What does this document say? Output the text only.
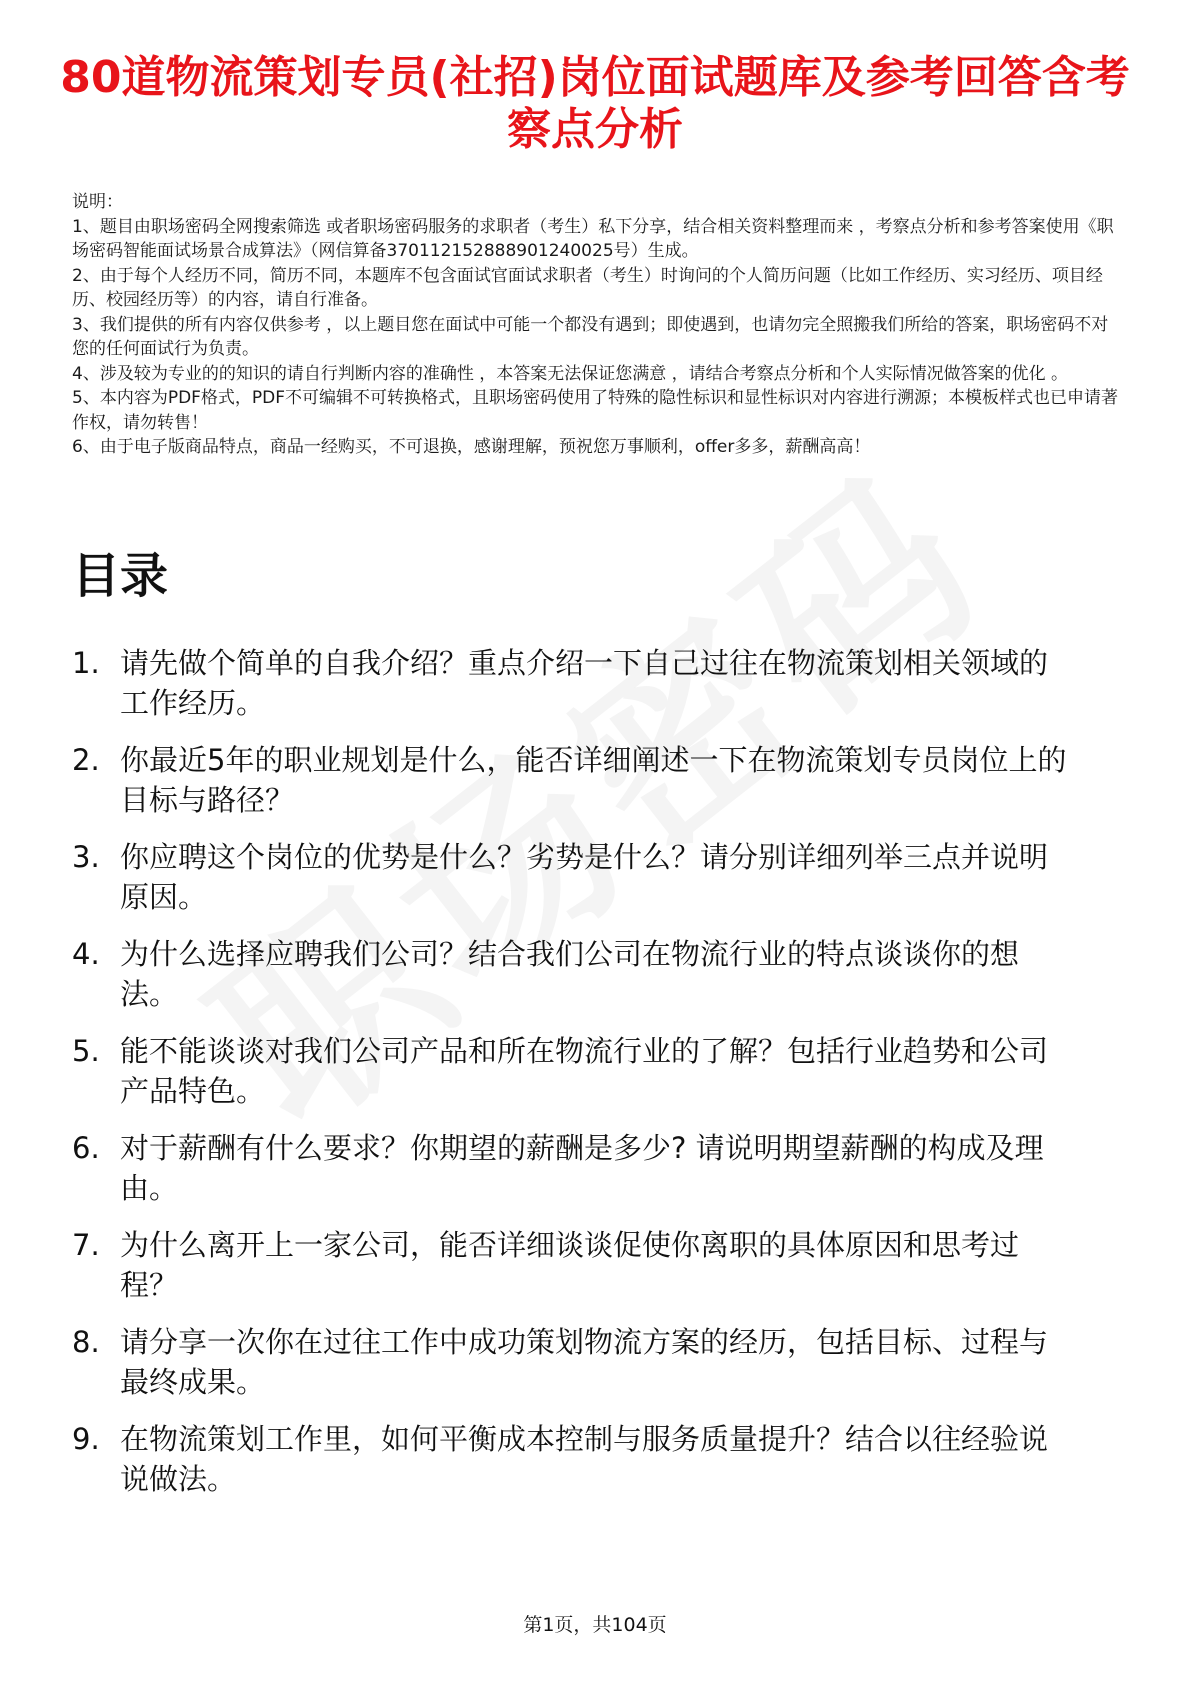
80道物流策划专员(社招)岗位面试题库及参考回答含考察点分析

说明：

1、题目由职场密码全网搜索筛选 或者职场密码服务的求职者（考生）私下分享，结合相关资料整理而来 ，考察点分析和参考答案使用《职场密码智能面试场景合成算法》（网信算备370112152888901240025号）生成。

2、由于每个人经历不同，简历不同，本题库不包含面试官面试求职者（考生）时询问的个人简历问题（比如工作经历、实习经历、项目经历、校园经历等）的内容，请自行准备。

3、我们提供的所有内容仅供参考 ，以上题目您在面试中可能一个都没有遇到；即使遇到，也请勿完全照搬我们所给的答案，职场密码不对您的任何面试行为负责。

4、涉及较为专业的的知识的请自行判断内容的准确性 ，本答案无法保证您满意 ，请结合考察点分析和个人实际情况做答案的优化 。

5、本内容为PDF格式，PDF不可编辑不可转换格式，且职场密码使用了特殊的隐性标识和显性标识对内容进行溯源；本模板样式也已申请著作权，请勿转售！

6、由于电子版商品特点，商品一经购买，不可退换，感谢理解，预祝您万事顺利，offer多多，薪酬高高！

目录
1. 请先做个简单的自我介绍？重点介绍一下自己过往在物流策划相关领域的工作经历。
2. 你最近5年的职业规划是什么，能否详细阐述一下在物流策划专员岗位上的目标与路径？
3. 你应聘这个岗位的优势是什么？劣势是什么？请分别详细列举三点并说明原因。
4. 为什么选择应聘我们公司？结合我们公司在物流行业的特点谈谈你的想法。
5. 能不能谈谈对我们公司产品和所在物流行业的了解？包括行业趋势和公司产品特色。
6. 对于薪酬有什么要求？你期望的薪酬是多少? 请说明期望薪酬的构成及理由。
7. 为什么离开上一家公司，能否详细谈谈促使你离职的具体原因和思考过程？
8. 请分享一次你在过往工作中成功策划物流方案的经历，包括目标、过程与最终成果。
9. 在物流策划工作里，如何平衡成本控制与服务质量提升？结合以往经验说说做法。
第1页，共104页
